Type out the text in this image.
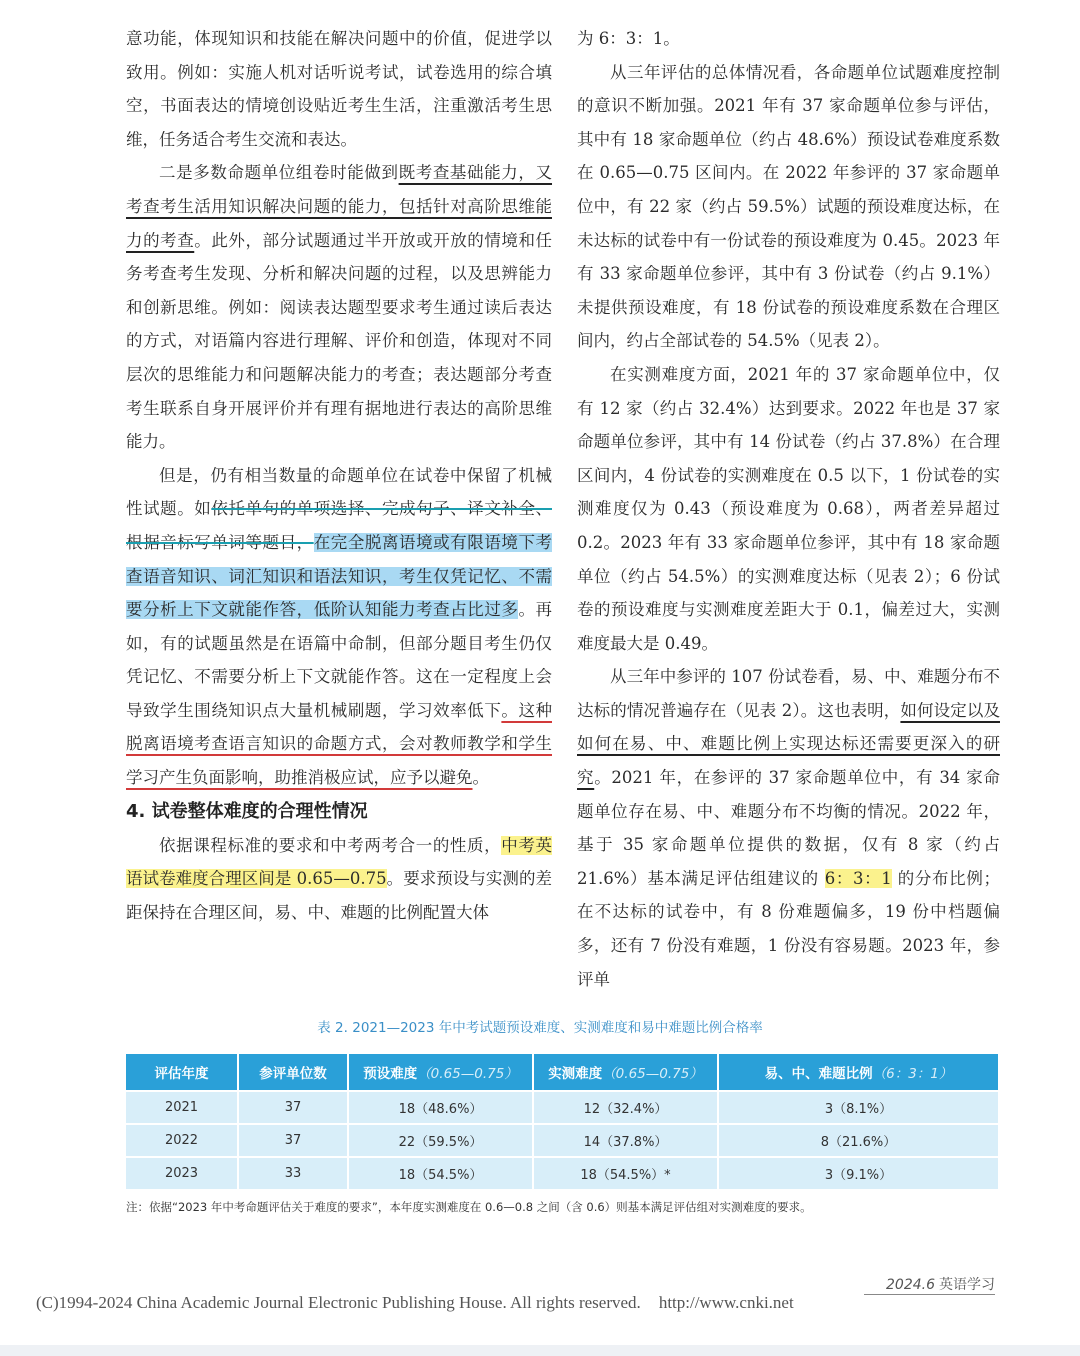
意功能，体现知识和技能在解决问题中的价值，促进学以致用。例如：实施人机对话听说考试，试卷选用的综合填空，书面表达的情境创设贴近考生生活，注重激活考生思维，任务适合考生交流和表达。

二是多数命题单位组卷时能做到既考查基础能力，又考查考生活用知识解决问题的能力，包括针对高阶思维能力的考查。此外，部分试题通过半开放或开放的情境和任务考查考生发现、分析和解决问题的过程，以及思辨能力和创新思维。例如：阅读表达题型要求考生通过读后表达的方式，对语篇内容进行理解、评价和创造，体现对不同层次的思维能力和问题解决能力的考查；表达题部分考查考生联系自身开展评价并有理有据地进行表达的高阶思维能力。

但是，仍有相当数量的命题单位在试卷中保留了机械性试题。如依托单句的单项选择、完成句子、译文补全、根据音标写单词等题目，在完全脱离语境或有限语境下考查语音知识、词汇知识和语法知识，考生仅凭记忆、不需要分析上下文就能作答，低阶认知能力考查占比过多。再如，有的试题虽然是在语篇中命制，但部分题目考生仍仅凭记忆、不需要分析上下文就能作答。这在一定程度上会导致学生围绕知识点大量机械刷题，学习效率低下。这种脱离语境考查语言知识的命题方式，会对教师教学和学生学习产生负面影响，助推消极应试，应予以避免。

4. 试卷整体难度的合理性情况

依据课程标准的要求和中考两考合一的性质，中考英语试卷难度合理区间是 0.65—0.75。要求预设与实测的差距保持在合理区间，易、中、难题的比例配置大体

为 6：3：1。

从三年评估的总体情况看，各命题单位试题难度控制的意识不断加强。2021 年有 37 家命题单位参与评估，其中有 18 家命题单位（约占 48.6%）预设试卷难度系数在 0.65—0.75 区间内。在 2022 年参评的 37 家命题单位中，有 22 家（约占 59.5%）试题的预设难度达标，在未达标的试卷中有一份试卷的预设难度为 0.45。2023 年有 33 家命题单位参评，其中有 3 份试卷（约占 9.1%）未提供预设难度，有 18 份试卷的预设难度系数在合理区间内，约占全部试卷的 54.5%（见表 2）。

在实测难度方面，2021 年的 37 家命题单位中，仅有 12 家（约占 32.4%）达到要求。2022 年也是 37 家命题单位参评，其中有 14 份试卷（约占 37.8%）在合理区间内，4 份试卷的实测难度在 0.5 以下，1 份试卷的实测难度仅为 0.43（预设难度为 0.68），两者差异超过 0.2。2023 年有 33 家命题单位参评，其中有 18 家命题单位（约占 54.5%）的实测难度达标（见表 2）；6 份试卷的预设难度与实测难度差距大于 0.1，偏差过大，实测难度最大是 0.49。

从三年中参评的 107 份试卷看，易、中、难题分布不达标的情况普遍存在（见表 2）。这也表明，如何设定以及如何在易、中、难题比例上实现达标还需要更深入的研究。2021 年，在参评的 37 家命题单位中，有 34 家命题单位存在易、中、难题分布不均衡的情况。2022 年，基于 35 家命题单位提供的数据，仅有 8 家（约占 21.6%）基本满足评估组建议的 6：3：1 的分布比例；在不达标的试卷中，有 8 份难题偏多，19 份中档题偏多，还有 7 份没有难题，1 份没有容易题。2023 年，参评单

表 2. 2021—2023 年中考试题预设难度、实测难度和易中难题比例合格率
评估年度	参评单位数	预设难度（0.65—0.75）	实测难度（0.65—0.75）	易、中、难题比例（6：3：1）
2021	37	18（48.6%）	12（32.4%）	3（8.1%）
2022	37	22（59.5%）	14（37.8%）	8（21.6%）
2023	33	18（54.5%）	18（54.5%）*	3（9.1%）
注：依据“2023 年中考命题评估关于难度的要求”，本年度实测难度在 0.6—0.8 之间（含 0.6）则基本满足评估组对实测难度的要求。
2024.6 英语学习
(C)1994-2024 China Academic Journal Electronic Publishing House. All rights reserved. http://www.cnki.net
